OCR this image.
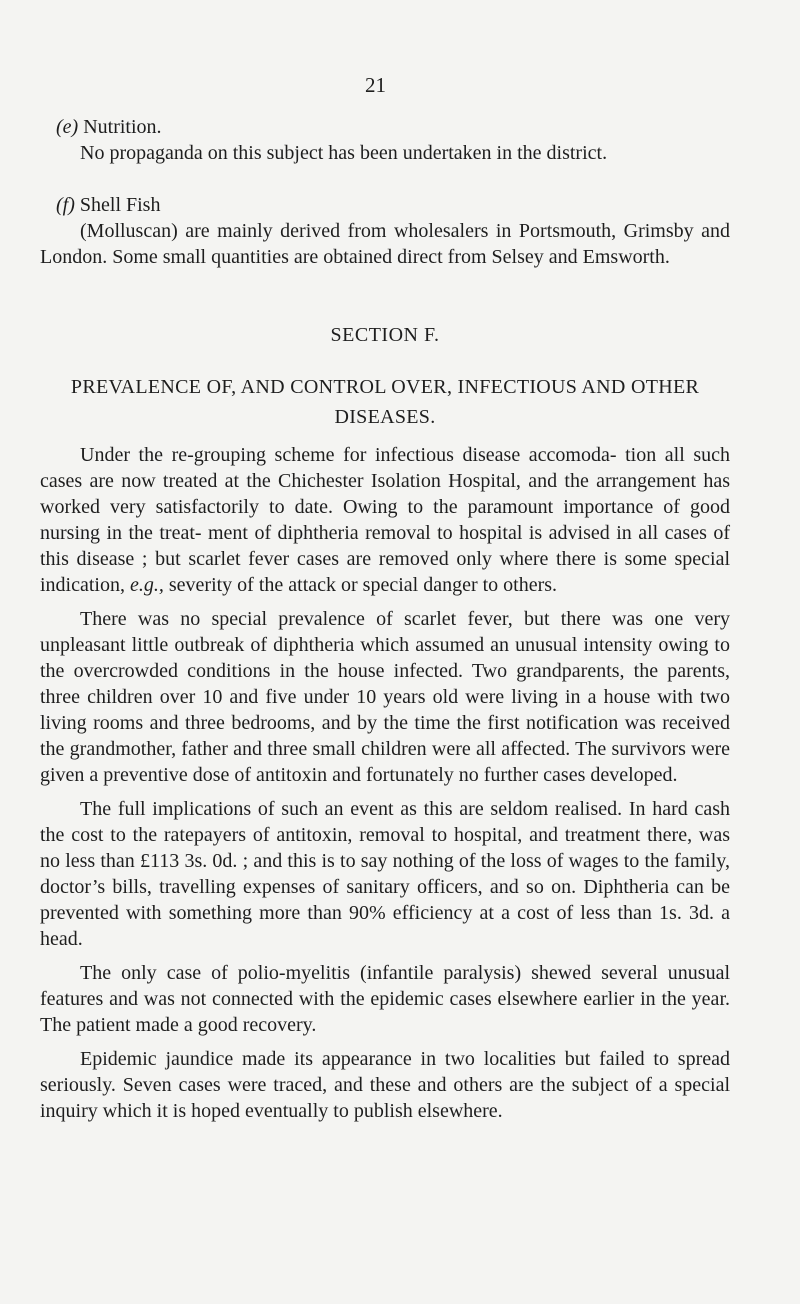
21

(e) Nutrition.

No propaganda on this subject has been undertaken in the district.

(f) Shell Fish

(Molluscan) are mainly derived from wholesalers in Portsmouth, Grimsby and London. Some small quantities are obtained direct from Selsey and Emsworth.

SECTION F.

PREVALENCE OF, AND CONTROL OVER, INFECTIOUS AND OTHER DISEASES.

Under the re-grouping scheme for infectious disease accomoda- tion all such cases are now treated at the Chichester Isolation Hospital, and the arrangement has worked very satisfactorily to date. Owing to the paramount importance of good nursing in the treat- ment of diphtheria removal to hospital is advised in all cases of this disease ; but scarlet fever cases are removed only where there is some special indication, e.g., severity of the attack or special danger to others.

There was no special prevalence of scarlet fever, but there was one very unpleasant little outbreak of diphtheria which assumed an unusual intensity owing to the overcrowded conditions in the house infected. Two grandparents, the parents, three children over 10 and five under 10 years old were living in a house with two living rooms and three bedrooms, and by the time the first notification was received the grandmother, father and three small children were all affected. The survivors were given a preventive dose of antitoxin and fortunately no further cases developed.

The full implications of such an event as this are seldom realised. In hard cash the cost to the ratepayers of antitoxin, removal to hospital, and treatment there, was no less than £113 3s. 0d. ; and this is to say nothing of the loss of wages to the family, doctor’s bills, travelling expenses of sanitary officers, and so on. Diphtheria can be prevented with something more than 90% efficiency at a cost of less than 1s. 3d. a head.

The only case of polio-myelitis (infantile paralysis) shewed several unusual features and was not connected with the epidemic cases elsewhere earlier in the year. The patient made a good recovery.

Epidemic jaundice made its appearance in two localities but failed to spread seriously. Seven cases were traced, and these and others are the subject of a special inquiry which it is hoped eventually to publish elsewhere.
